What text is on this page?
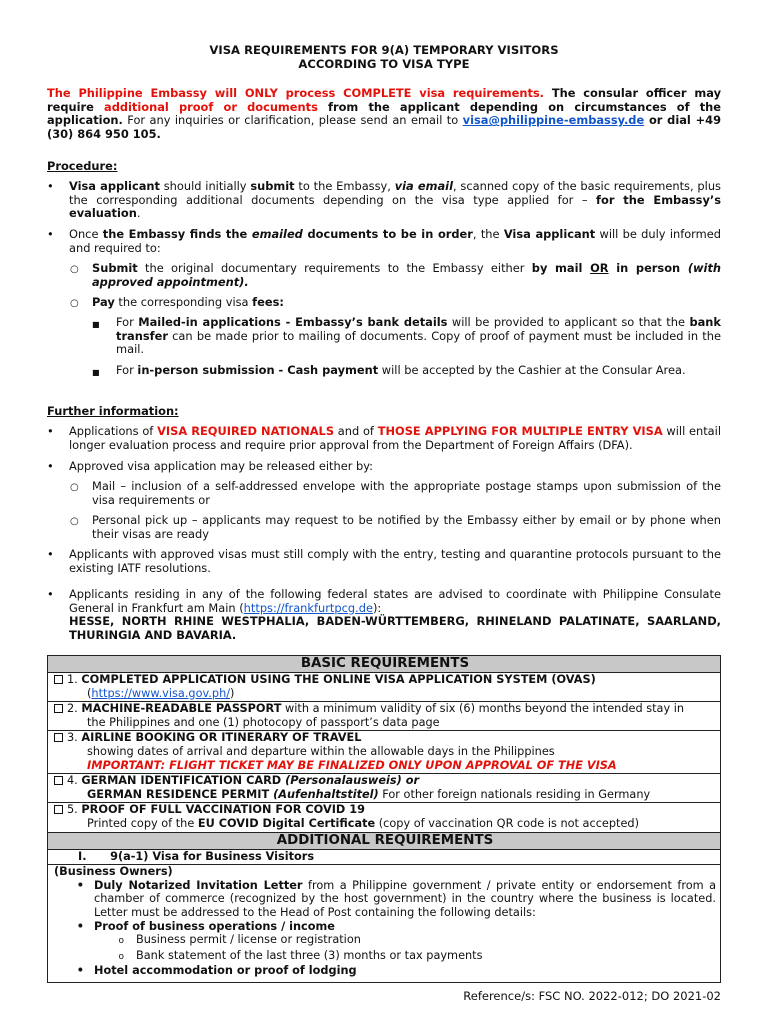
VISA REQUIREMENTS FOR 9(A) TEMPORARY VISITORS
ACCORDING TO VISA TYPE
The Philippine Embassy will ONLY process COMPLETE visa requirements. The consular officer may require additional proof or documents from the applicant depending on circumstances of the application. For any inquiries or clarification, please send an email to visa@philippine-embassy.de or dial +49 (30) 864 950 105.
Procedure:
• Visa applicant should initially submit to the Embassy, via email, scanned copy of the basic requirements, plus the corresponding additional documents depending on the visa type applied for – for the Embassy’s evaluation.
• Once the Embassy finds the emailed documents to be in order, the Visa applicant will be duly informed and required to:
○ Submit the original documentary requirements to the Embassy either by mail OR in person (with approved appointment).
○ Pay the corresponding visa fees:
■ For Mailed-in applications - Embassy’s bank details will be provided to applicant so that the bank transfer can be made prior to mailing of documents. Copy of proof of payment must be included in the mail.
■ For in-person submission - Cash payment will be accepted by the Cashier at the Consular Area.
Further information:
• Applications of VISA REQUIRED NATIONALS and of THOSE APPLYING FOR MULTIPLE ENTRY VISA will entail longer evaluation process and require prior approval from the Department of Foreign Affairs (DFA).
• Approved visa application may be released either by:
○ Mail – inclusion of a self-addressed envelope with the appropriate postage stamps upon submission of the visa requirements or
○ Personal pick up – applicants may request to be notified by the Embassy either by email or by phone when their visas are ready
• Applicants with approved visas must still comply with the entry, testing and quarantine protocols pursuant to the existing IATF resolutions.
• Applicants residing in any of the following federal states are advised to coordinate with Philippine Consulate General in Frankfurt am Main (https://frankfurtpcg.de):
HESSE, NORTH RHINE WESTPHALIA, BADEN-WÜRTTEMBERG, RHINELAND PALATINATE, SAARLAND, THURINGIA AND BAVARIA.
BASIC REQUIREMENTS
1. COMPLETED APPLICATION USING THE ONLINE VISA APPLICATION SYSTEM (OVAS)
(https://www.visa.gov.ph/)
2. MACHINE-READABLE PASSPORT with a minimum validity of six (6) months beyond the intended stay in
the Philippines and one (1) photocopy of passport’s data page
3. AIRLINE BOOKING OR ITINERARY OF TRAVEL
showing dates of arrival and departure within the allowable days in the Philippines
IMPORTANT: FLIGHT TICKET MAY BE FINALIZED ONLY UPON APPROVAL OF THE VISA
4. GERMAN IDENTIFICATION CARD (Personalausweis) or
GERMAN RESIDENCE PERMIT (Aufenhaltstitel) For other foreign nationals residing in Germany
5. PROOF OF FULL VACCINATION FOR COVID 19
Printed copy of the EU COVID Digital Certificate (copy of vaccination QR code is not accepted)
ADDITIONAL REQUIREMENTS
I.      9(a-1) Visa for Business Visitors

(Business Owners)
• Duly Notarized Invitation Letter from a Philippine government / private entity or endorsement from a chamber of commerce (recognized by the host government) in the country where the business is located. Letter must be addressed to the Head of Post containing the following details:
• Proof of business operations / income
o Business permit / license or registration
o Bank statement of the last three (3) months or tax payments
• Hotel accommodation or proof of lodging
Reference/s: FSC NO. 2022-012; DO 2021-02
